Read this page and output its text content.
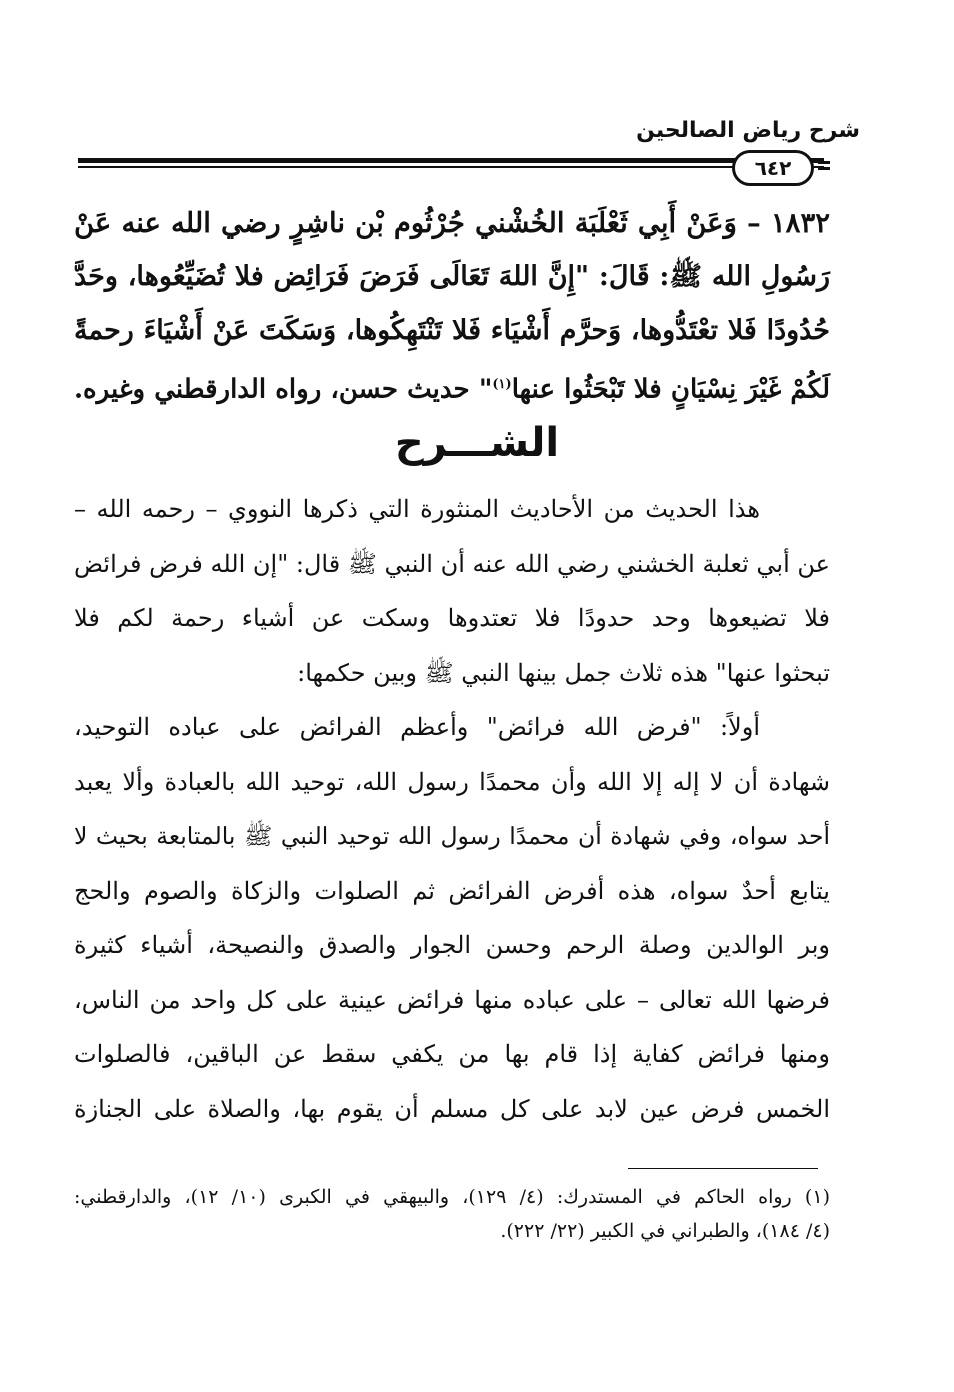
شرح رياض الصالحين
٦٤٢
١٨٣٢ – وَعَنْ أَبِي ثَعْلَبَة الخُشْني جُرْثُوم بْن ناشِرٍ رضي الله عنه عَنْ
رَسُولِ الله ﷺ: قَالَ: "إِنَّ اللهَ تَعَالَى فَرَضَ فَرَائِض فلا تُضَيِّعُوها، وحَدَّ
حُدُودًا فَلا تعْتَدُّوها، وَحرَّم أَشْيَاء فَلا تَنْتَهِكُوها، وَسَكَتَ عَنْ أَشْيَاءَ رحمةً
لَكُمْ غَيْرَ نِسْيَانٍ فلا تَبْحَثُوا عنها$^{(١)}$" حديث حسن، رواه الدارقطني وغيره.
الشـــرح
هذا الحديث من الأحاديث المنثورة التي ذكرها النووي – رحمه الله –
عن أبي ثعلبة الخشني رضي الله عنه أن النبي ﷺ قال: "إن الله فرض فرائض
فلا تضيعوها وحد حدودًا فلا تعتدوها وسكت عن أشياء رحمة لكم فلا
تبحثوا عنها" هذه ثلاث جمل بينها النبي ﷺ وبين حكمها:
أولاً: "فرض الله فرائض" وأعظم الفرائض على عباده التوحيد،
شهادة أن لا إله إلا الله وأن محمدًا رسول الله، توحيد الله بالعبادة وألا يعبد
أحد سواه، وفي شهادة أن محمدًا رسول الله توحيد النبي ﷺ بالمتابعة بحيث لا
يتابع أحدٌ سواه، هذه أفرض الفرائض ثم الصلوات والزكاة والصوم والحج
وبر الوالدين وصلة الرحم وحسن الجوار والصدق والنصيحة، أشياء كثيرة
فرضها الله تعالى – على عباده منها فرائض عينية على كل واحد من الناس،
ومنها فرائض كفاية إذا قام بها من يكفي سقط عن الباقين، فالصلوات
الخمس فرض عين لابد على كل مسلم أن يقوم بها، والصلاة على الجنازة
(١) رواه الحاكم في المستدرك: (٤/ ١٢٩)، والبيهقي في الكبرى (١٠/ ١٢)، والدارقطني:
(٤/ ١٨٤)، والطبراني في الكبير (٢٢/ ٢٢٢).
